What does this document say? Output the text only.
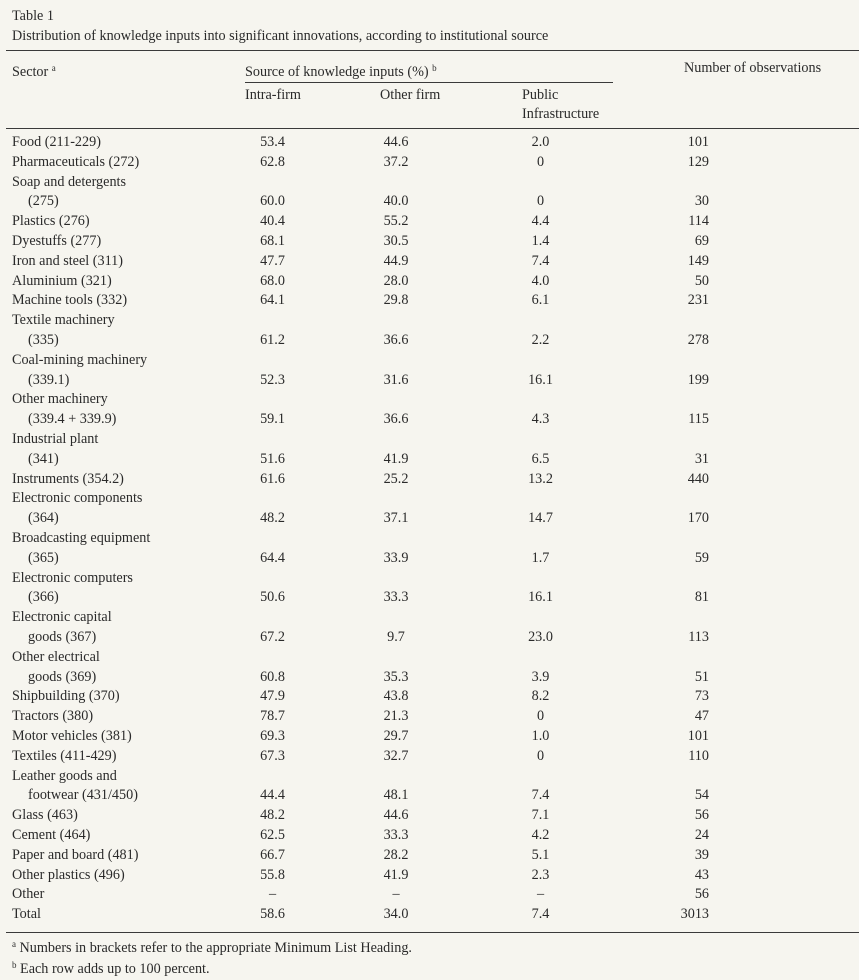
Table 1
Distribution of knowledge inputs into significant innovations, according to institutional source
Sector $^a$	Source of knowledge inputs (%) $^b$	Number of observations
Intra-firm	Other firm	Public
Infrastructure
Food (211-229)	53.4	44.6	2.0	101
Pharmaceuticals (272)	62.8	37.2	0	129
Soap and detergents
(275)	60.0	40.0	0	30
Plastics (276)	40.4	55.2	4.4	114
Dyestuffs (277)	68.1	30.5	1.4	69
Iron and steel (311)	47.7	44.9	7.4	149
Aluminium (321)	68.0	28.0	4.0	50
Machine tools (332)	64.1	29.8	6.1	231
Textile machinery
(335)	61.2	36.6	2.2	278
Coal-mining machinery
(339.1)	52.3	31.6	16.1	199
Other machinery
(339.4 + 339.9)	59.1	36.6	4.3	115
Industrial plant
(341)	51.6	41.9	6.5	31
Instruments (354.2)	61.6	25.2	13.2	440
Electronic components
(364)	48.2	37.1	14.7	170
Broadcasting equipment
(365)	64.4	33.9	1.7	59
Electronic computers
(366)	50.6	33.3	16.1	81
Electronic capital
goods (367)	67.2	9.7	23.0	113
Other electrical
goods (369)	60.8	35.3	3.9	51
Shipbuilding (370)	47.9	43.8	8.2	73
Tractors (380)	78.7	21.3	0	47
Motor vehicles (381)	69.3	29.7	1.0	101
Textiles (411-429)	67.3	32.7	0	110
Leather goods and
footwear (431/450)	44.4	48.1	7.4	54
Glass (463)	48.2	44.6	7.1	56
Cement (464)	62.5	33.3	4.2	24
Paper and board (481)	66.7	28.2	5.1	39
Other plastics (496)	55.8	41.9	2.3	43
Other	–	–	–	56
Total	58.6	34.0	7.4	3013
$^a$ Numbers in brackets refer to the appropriate Minimum List Heading.
$^b$ Each row adds up to 100 percent.
